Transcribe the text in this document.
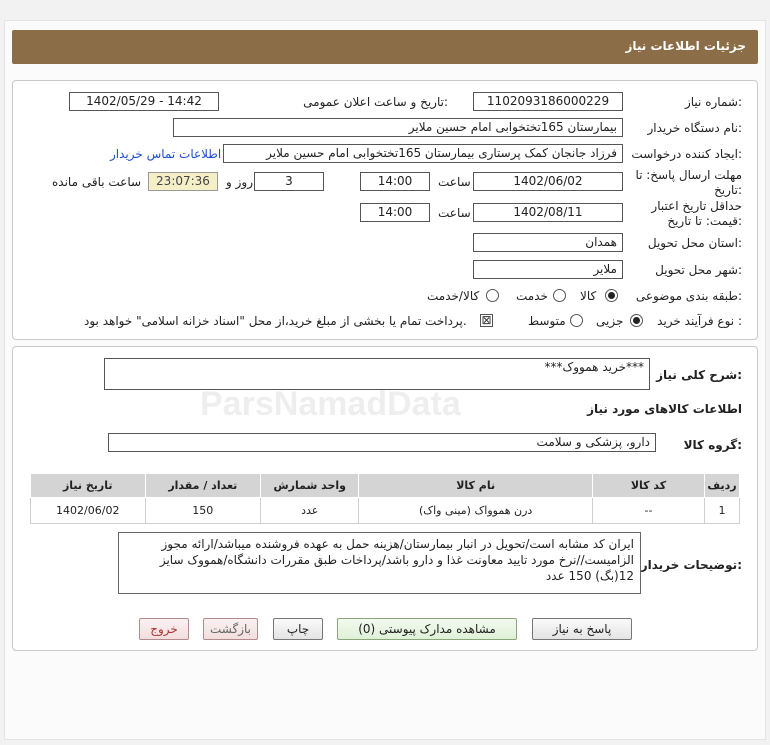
جزئیات اطلاعات نیاز
شماره نیاز:
1102093186000229
تاریخ و ساعت اعلان عمومی:
1402/05/29 - 14:42
نام دستگاه خریدار:
بیمارستان 165تختخوابی امام حسین ملایر
ایجاد کننده درخواست:
فرزاد جانجان کمک پرستاری بیمارستان 165تختخوابی امام حسین ملایر
اطلاعات تماس خریدار
مهلت ارسال پاسخ: تا تاریخ:
1402/06/02
ساعت
14:00
3
روز و
23:07:36
ساعت باقی مانده
حداقل تاریخ اعتبار قیمت: تا تاریخ:
1402/08/11
ساعت
14:00
استان محل تحویل:
همدان
شهر محل تحویل:
ملایر
طبقه بندی موضوعی:
کالا
خدمت
کالا/خدمت
نوع فرآیند خرید :
جزیی
متوسط
⊠
پرداخت تمام یا بخشی از مبلغ خرید،از محل "اسناد خزانه اسلامی" خواهد بود.
شرح کلی نیاز:
***خرید همووک***
اطلاعات کالاهای مورد نیاز
گروه کالا:
دارو، پزشکی و سلامت
ردیف	کد کالا	نام کالا	واحد شمارش	تعداد / مقدار	تاریخ نیاز
1	--	درن هموواک (مینی واک)	عدد	150	1402/06/02
توضیحات خریدار:
ایران کد مشابه است/تحویل در انبار بیمارستان/هزینه حمل به عهده فروشنده میباشد/ارائه مجوز الزامیست//نرخ مورد تایید معاونت غذا و دارو باشد/پرداخات طبق مقررات دانشگاه/همووک سایز 12(بگ) 150 عدد
پاسخ به نیاز
مشاهده مدارک پیوستی (0)
چاپ
بازگشت
خروج
